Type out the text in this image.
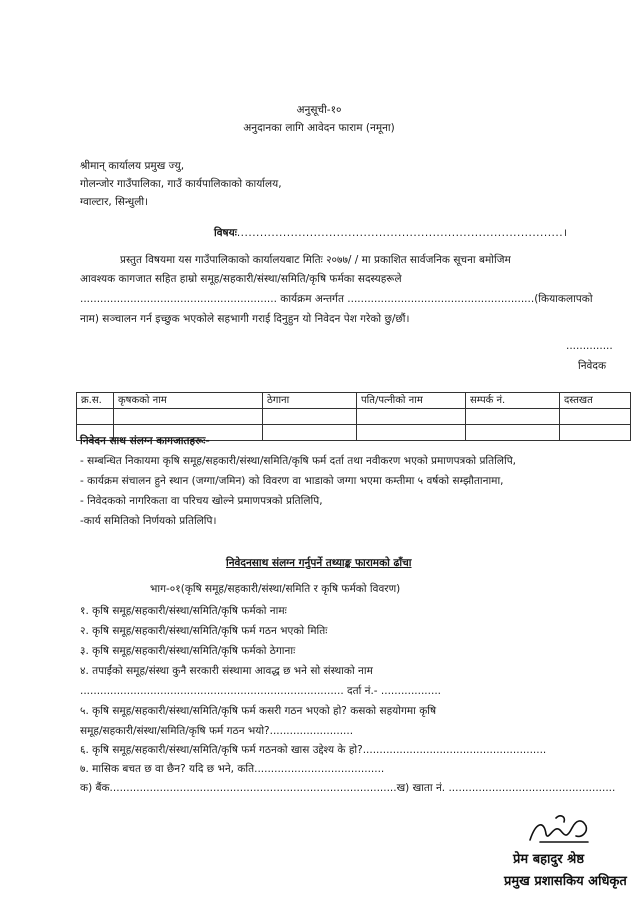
अनुसूची-१०
अनुदानका लागि आवेदन फाराम (नमूना)
श्रीमान् कार्यालय प्रमुख ज्यु,
गोलन्जोर गाउँपालिका, गाउँ कार्यपालिकाको कार्यालय,
ग्वाल्टार, सिन्धुली।
विषयः.....................................................................................।
प्रस्तुत विषयमा यस गाउँपालिकाको कार्यालयबाट मितिः २०७७/ / मा प्रकाशित सार्वजनिक सूचना बमोजिम
आवश्यक कागजात सहित हाम्रो समूह/सहकारी/संस्था/समिति/कृषि फर्मका सदस्यहरूले
........................................................... कार्यक्रम अन्तर्गत ........................................................(कियाकलापको
नाम) सञ्चालन गर्न इच्छुक भएकोले सहभागी गराई दिनुहुन यो निवेदन पेश गरेको छु/छौं।
..............
निवेदक
क्र.स.	कृषकको नाम	ठेगाना	पति/पत्नीको नाम	सम्पर्क नं.	दस्तखत

निवेदन साथ संलग्न कागजातहरूः-
- सम्बन्धित निकायमा कृषि समूह/सहकारी/संस्था/समिति/कृषि फर्म दर्ता तथा नवीकरण भएको प्रमाणपत्रको प्रतिलिपि,
- कार्यक्रम संचालन हुने स्थान (जग्गा/जमिन) को विवरण वा भाडाको जग्गा भएमा कम्तीमा ५ वर्षको सम्झौतानामा,
- निवेदकको नागरिकता वा परिचय खोल्ने प्रमाणपत्रको प्रतिलिपि,
-कार्य समितिको निर्णयको प्रतिलिपि।
निवेदनसाथ संलग्न गर्नुपर्ने तथ्याङ्क फारामको ढाँचा
भाग-०१(कृषि समूह/सहकारी/संस्था/समिति र कृषि फर्मको विवरण)
१. कृषि समूह/सहकारी/संस्था/समिति/कृषि फर्मको नामः
२. कृषि समूह/सहकारी/संस्था/समिति/कृषि फर्म गठन भएको मितिः
३. कृषि समूह/सहकारी/संस्था/समिति/कृषि फर्मको ठेगानाः
४. तपाईंको समूह/संस्था कुनै सरकारी संस्थामा आवद्ध छ भने सो संस्थाको नाम
............................................................................... दर्ता नं.- ..................
५. कृषि समूह/सहकारी/संस्था/समिति/कृषि फर्म कसरी गठन भएको हो? कसको सहयोगमा कृषि
समूह/सहकारी/संस्था/समिति/कृषि फर्म गठन भयो?.........................
६. कृषि समूह/सहकारी/संस्था/समिति/कृषि फर्म गठनको खास उद्देश्य के हो?.......................................................
७. मासिक बचत छ वा छैन? यदि छ भने, कति.......................................
क) बैंक......................................................................................ख) खाता नं. ..................................................
प्रेम बहादुर श्रेष्ठ
प्रमुख प्रशासकिय अधिकृत
